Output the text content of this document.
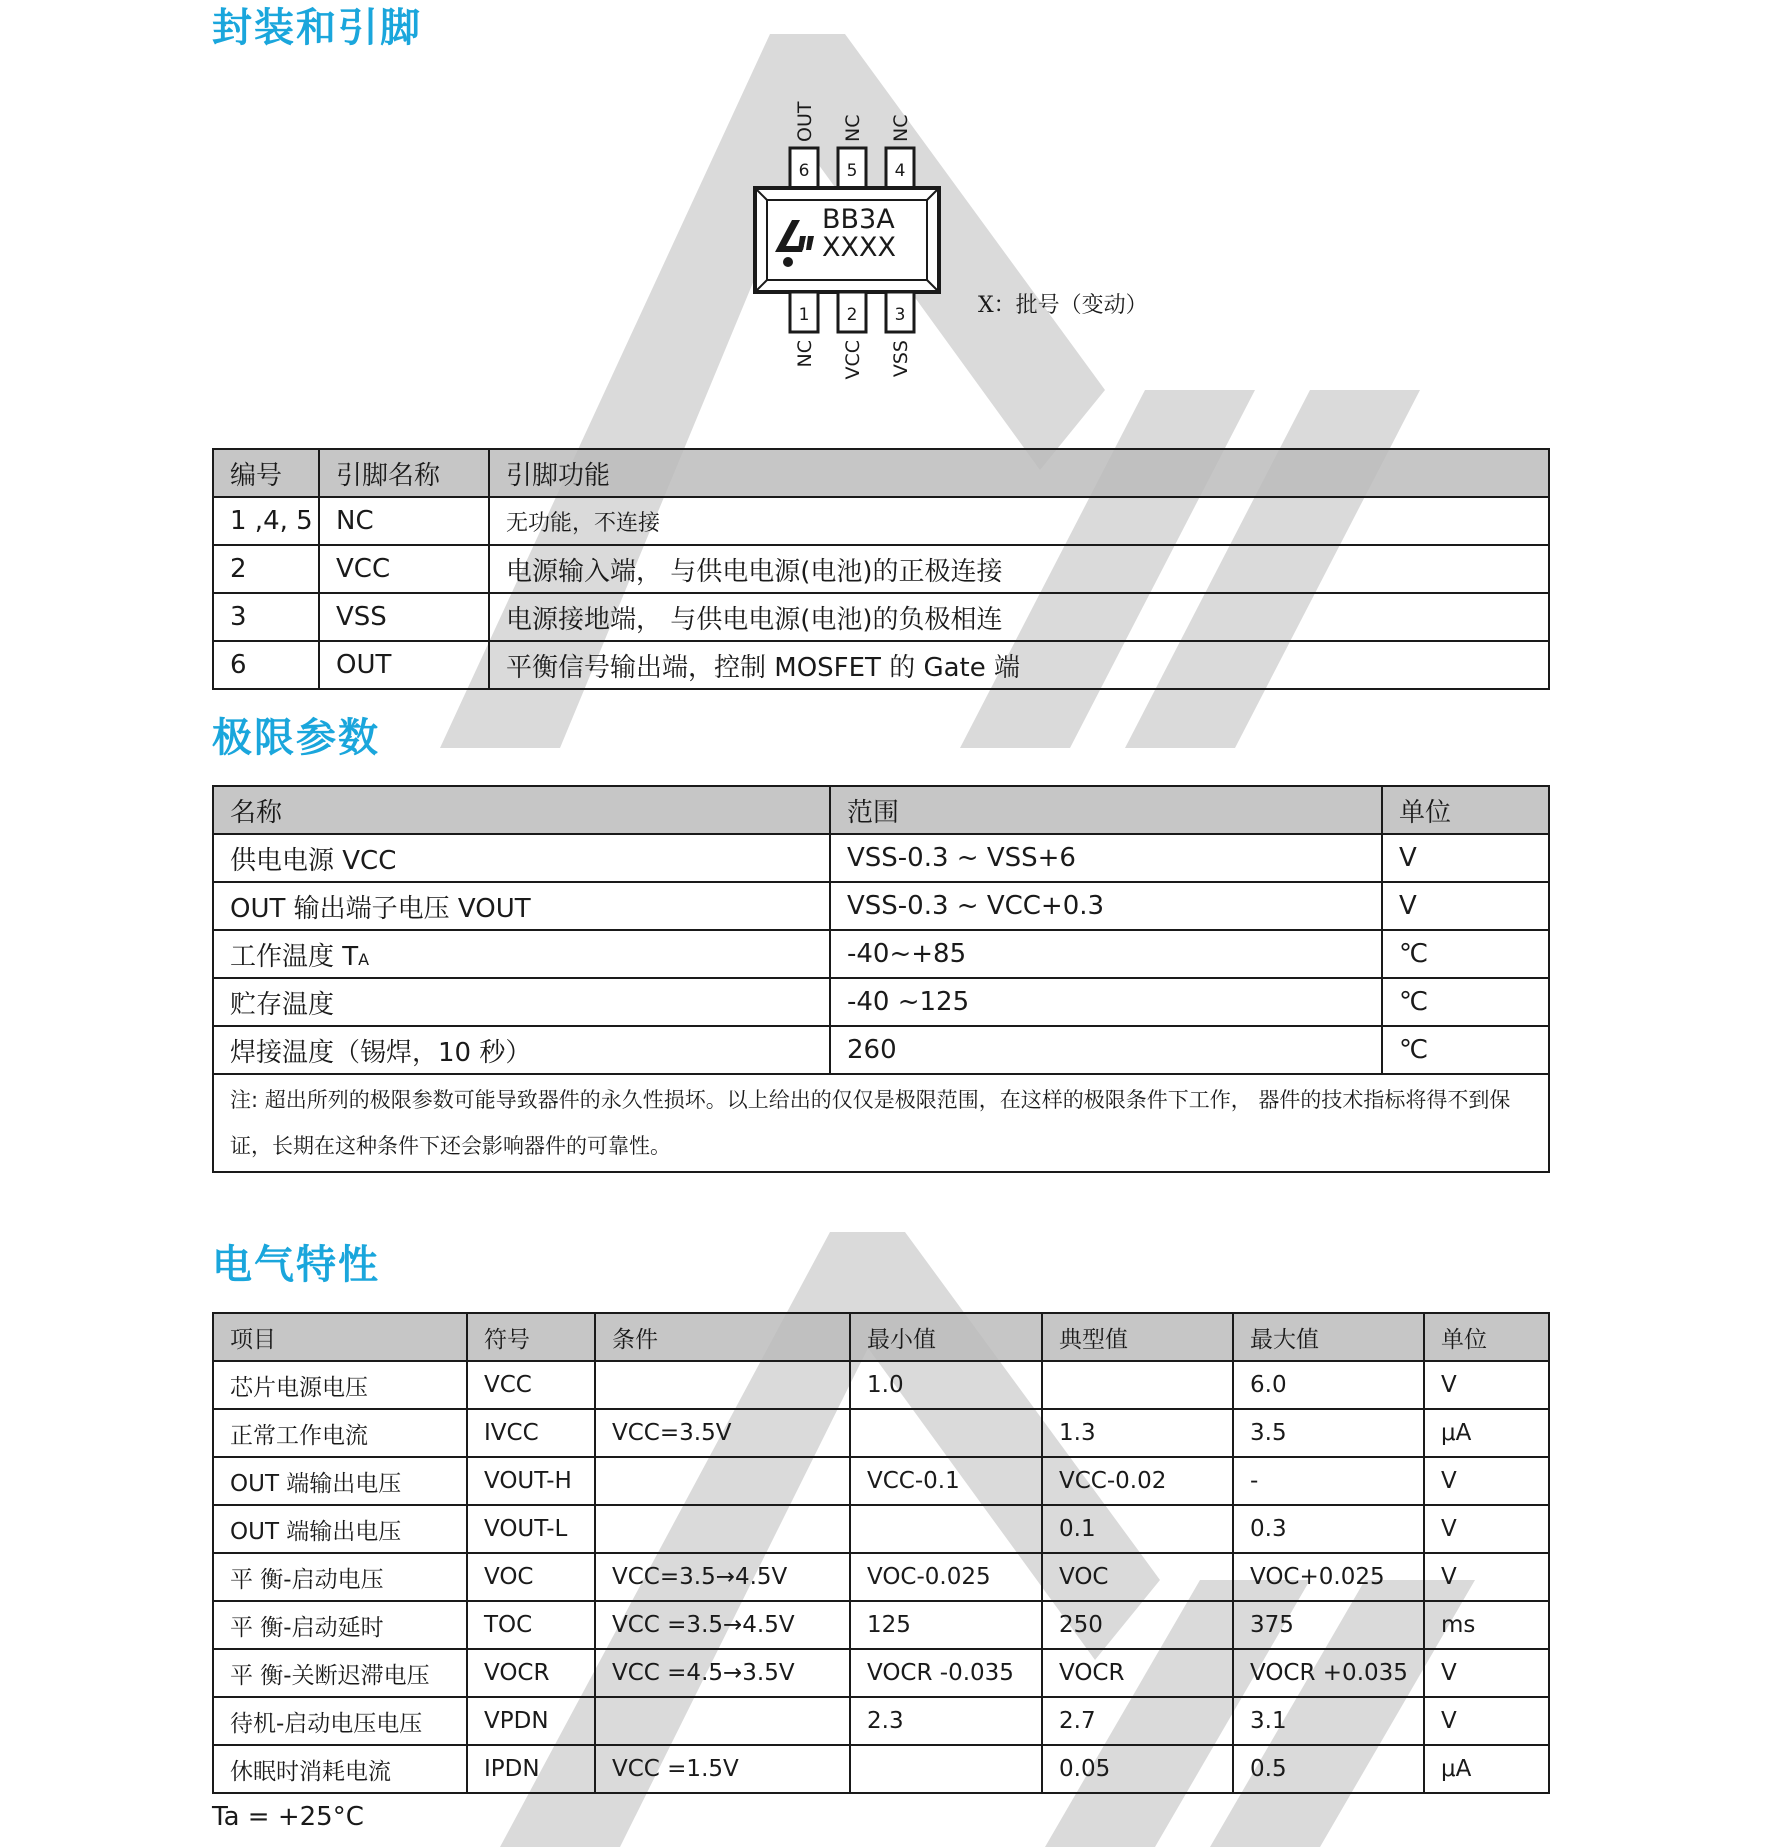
封装和引脚
6
OUT
5
NC
4
NC
BB3A
XXXX
1
NC
2
VCC
3
VSS
X：批号（变动）
编号	引脚名称	引脚功能
1 ,4, 5	NC	无功能，不连接
2	VCC	电源输入端， 与供电电源(电池)的正极连接
3	VSS	电源接地端， 与供电电源(电池)的负极相连
6	OUT	平衡信号输出端，控制 MOSFET 的 Gate 端
极限参数
名称	范围	单位
供电电源 VCC	VSS-0.3 ~ VSS+6	V
OUT 输出端子电压 VOUT	VSS-0.3 ~ VCC+0.3	V
工作温度 TA	-40~+85	℃
贮存温度	-40 ~125	℃
焊接温度（锡焊，10 秒）	260	℃
注: 超出所列的极限参数可能导致器件的永久性损坏。以上给出的仅仅是极限范围，在这样的极限条件下工作， 器件的技术指标将得不到保证，长期在这种条件下还会影响器件的可靠性。		
电气特性
项目	符号	条件	最小值	典型值	最大值	单位
芯片电源电压	VCC		1.0		6.0	V
正常工作电流	IVCC	VCC=3.5V		1.3	3.5	μA
OUT 端输出电压	VOUT-H		VCC-0.1	VCC-0.02	-	V
OUT 端输出电压	VOUT-L			0.1	0.3	V
平 衡-启动电压	VOC	VCC=3.5→4.5V	VOC-0.025	VOC	VOC+0.025	V
平 衡-启动延时	TOC	VCC =3.5→4.5V	125	250	375	ms
平 衡-关断迟滞电压	VOCR	VCC =4.5→3.5V	VOCR -0.035	VOCR	VOCR +0.035	V
待机-启动电压电压	VPDN		2.3	2.7	3.1	V
休眠时消耗电流	IPDN	VCC =1.5V		0.05	0.5	μA
Ta = +25°C
